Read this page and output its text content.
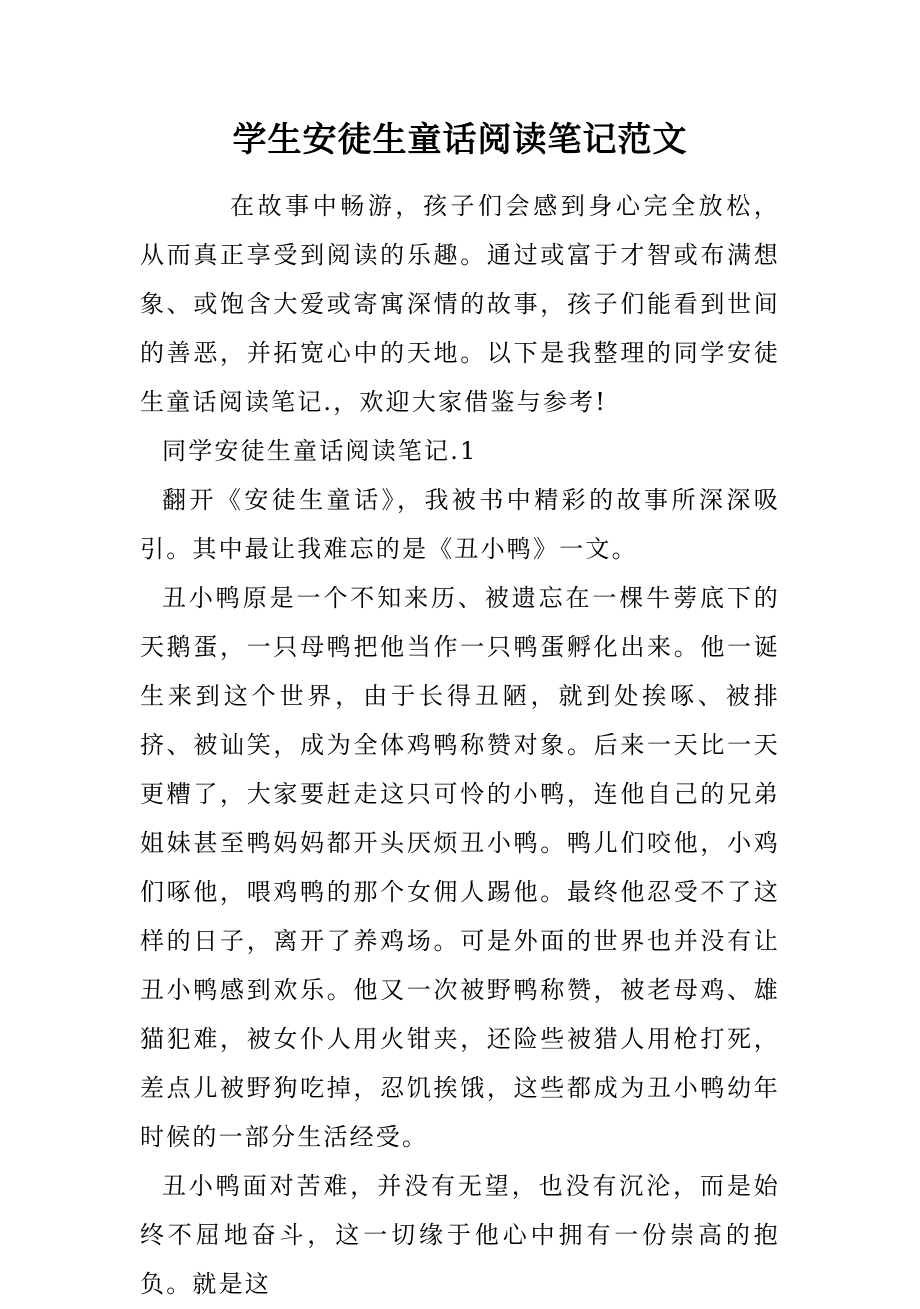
学生安徒生童话阅读笔记范文

在故事中畅游，孩子们会感到身心完全放松，从而真正享受到阅读的乐趣。通过或富于才智或布满想象、或饱含大爱或寄寓深情的故事，孩子们能看到世间的善恶，并拓宽心中的天地。以下是我整理的同学安徒生童话阅读笔记.，欢迎大家借鉴与参考!

同学安徒生童话阅读笔记.1

翻开《安徒生童话》，我被书中精彩的故事所深深吸引。其中最让我难忘的是《丑小鸭》一文。

丑小鸭原是一个不知来历、被遗忘在一棵牛蒡底下的天鹅蛋，一只母鸭把他当作一只鸭蛋孵化出来。他一诞生来到这个世界，由于长得丑陋，就到处挨啄、被排挤、被讪笑，成为全体鸡鸭称赞对象。后来一天比一天更糟了，大家要赶走这只可怜的小鸭，连他自己的兄弟姐妹甚至鸭妈妈都开头厌烦丑小鸭。鸭儿们咬他，小鸡们啄他，喂鸡鸭的那个女佣人踢他。最终他忍受不了这样的日子，离开了养鸡场。可是外面的世界也并没有让丑小鸭感到欢乐。他又一次被野鸭称赞，被老母鸡、雄猫犯难，被女仆人用火钳夹，还险些被猎人用枪打死，差点儿被野狗吃掉，忍饥挨饿，这些都成为丑小鸭幼年时候的一部分生活经受。

丑小鸭面对苦难，并没有无望，也没有沉沦，而是始终不屈地奋斗，这一切缘于他心中拥有一份崇高的抱负。就是这
